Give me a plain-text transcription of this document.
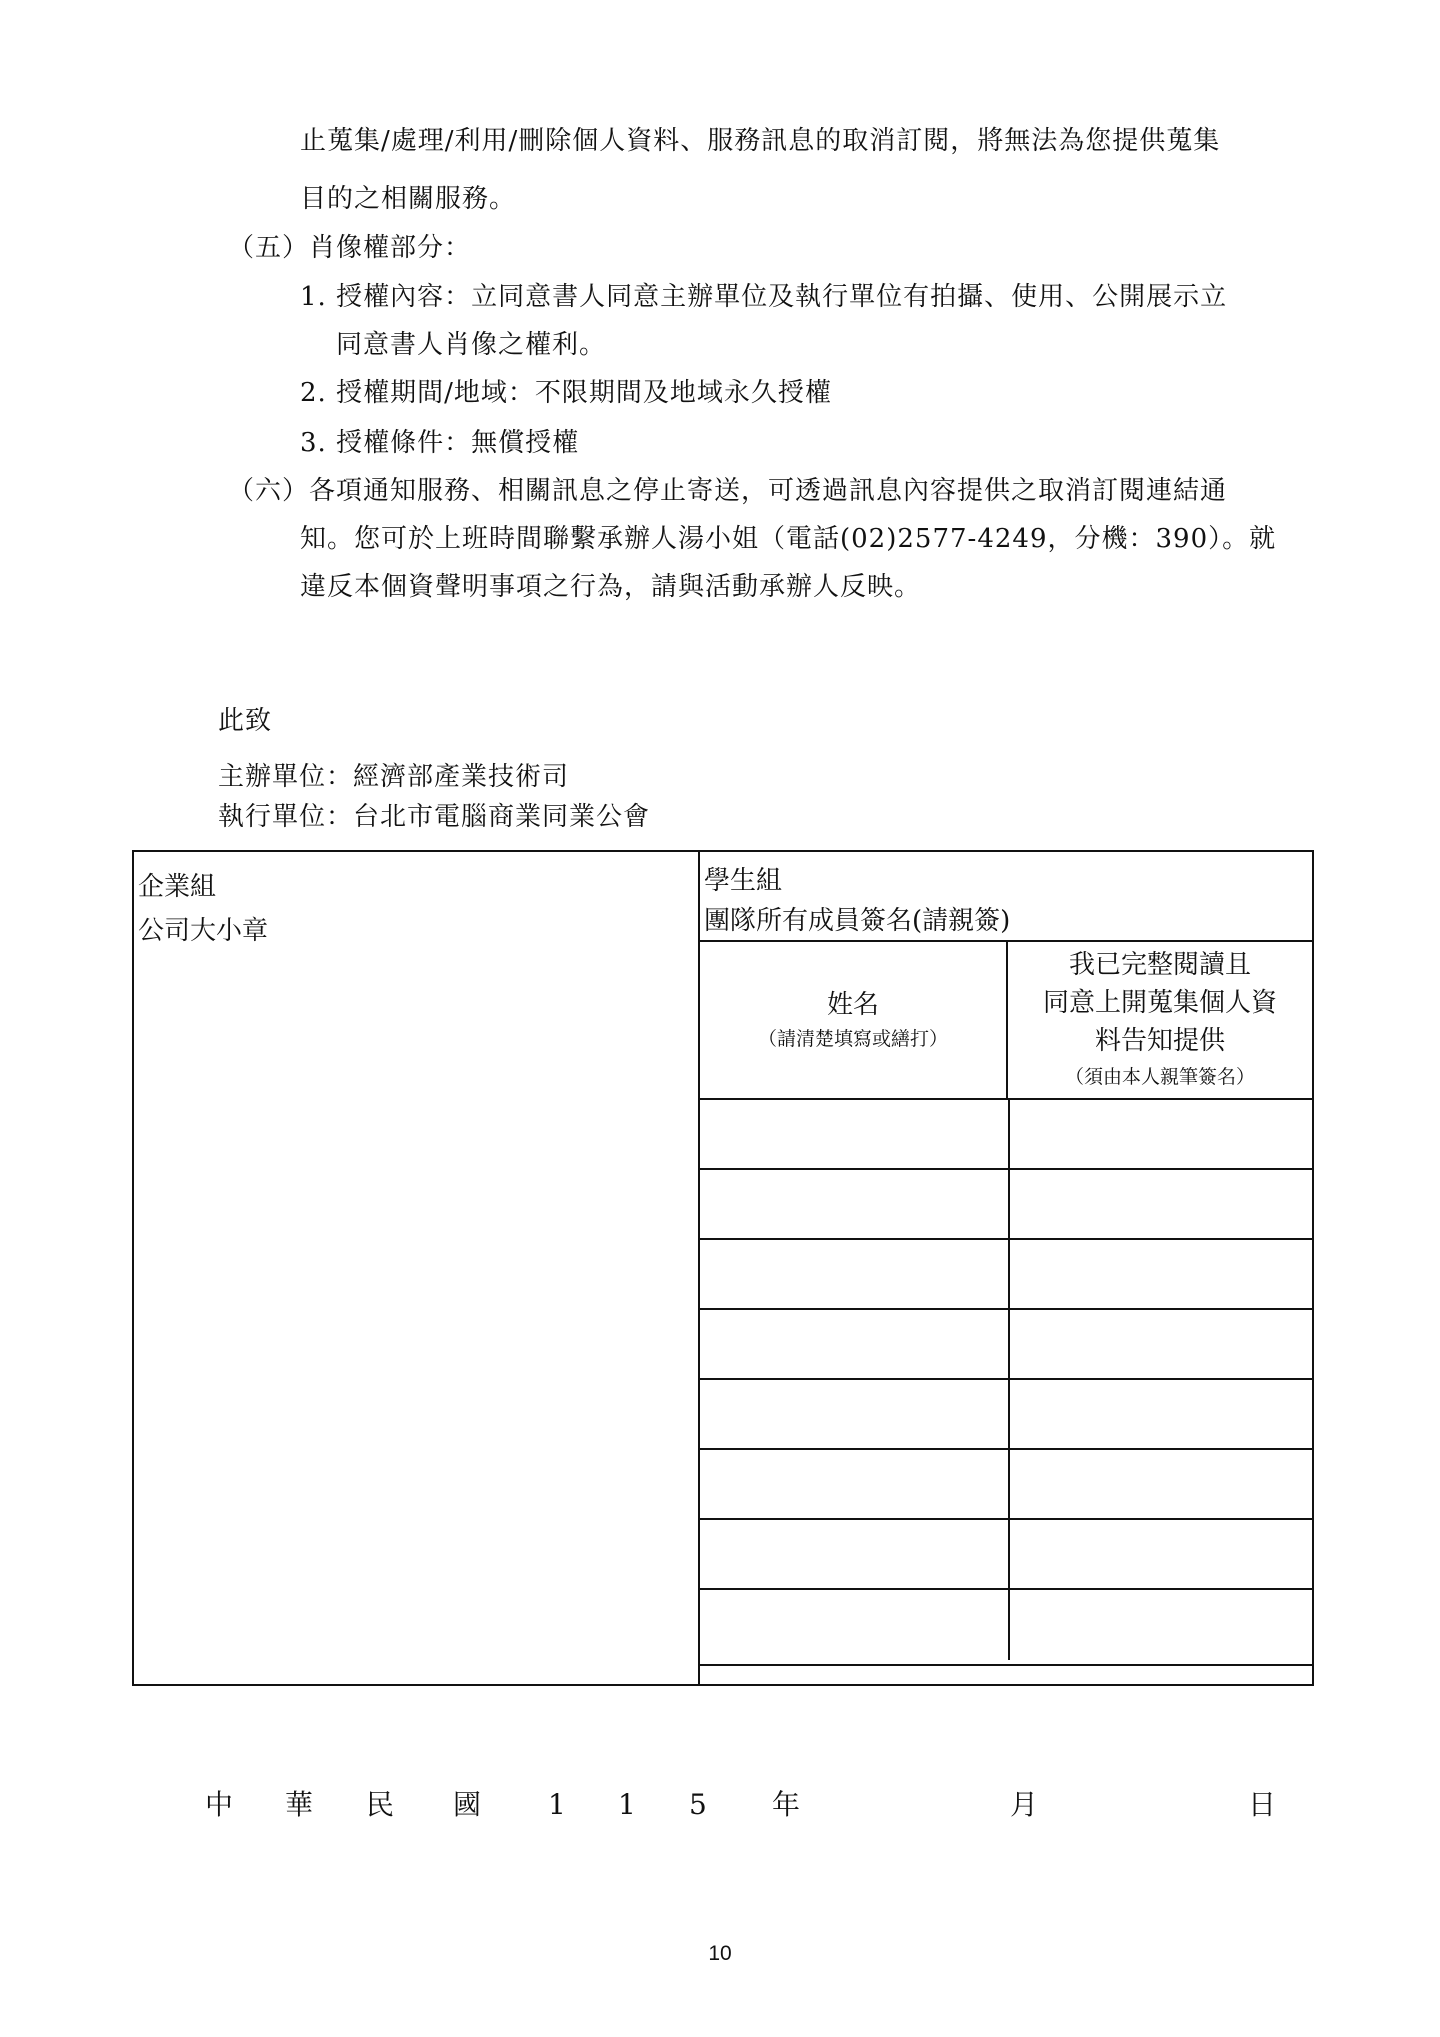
止蒐集/處理/利用/刪除個人資料、服務訊息的取消訂閱，將無法為您提供蒐集
目的之相關服務。
（五）肖像權部分：
1. 授權內容：立同意書人同意主辦單位及執行單位有拍攝、使用、公開展示立
同意書人肖像之權利。
2. 授權期間/地域：不限期間及地域永久授權
3. 授權條件：無償授權
（六）各項通知服務、相關訊息之停止寄送，可透過訊息內容提供之取消訂閱連結通
知。您可於上班時間聯繫承辦人湯小姐（電話(02)2577-4249，分機：390）。就
違反本個資聲明事項之行為，請與活動承辦人反映。
此致
主辦單位：經濟部產業技術司
執行單位：台北市電腦商業同業公會
企業組
公司大小章
學生組
團隊所有成員簽名(請親簽)
姓名
（請清楚填寫或繕打）
我已完整閱讀且
同意上開蒐集個人資
料告知提供
（須由本人親筆簽名）
中 華 民 國 1 1 5 年	月	日
10
